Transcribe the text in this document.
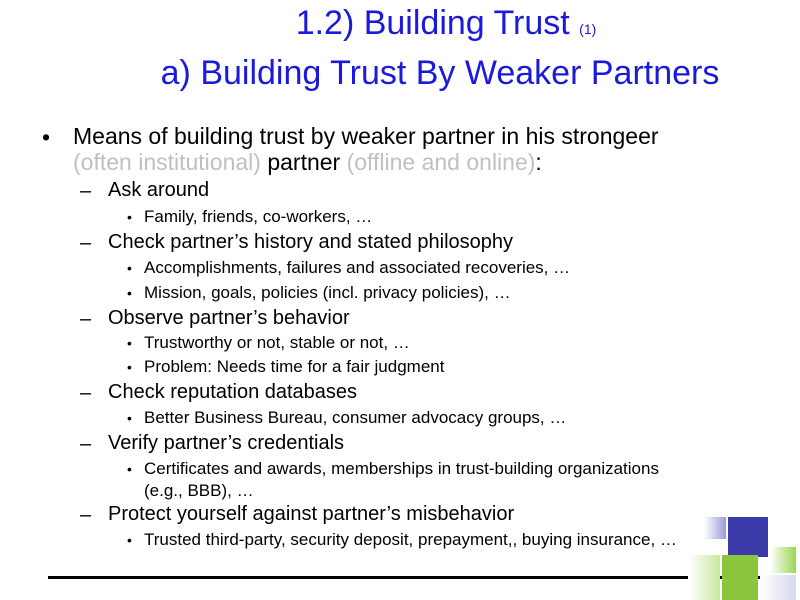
1.2) Building Trust (1)
a) Building Trust By Weaker Partners
• Means of building trust by weaker partner in his strongeer
(often institutional) partner (offline and online):
– Ask around
• Family, friends, co-workers, …
– Check partner’s history and stated philosophy
• Accomplishments, failures and associated recoveries, …
• Mission, goals, policies (incl. privacy policies), …
– Observe partner’s behavior
• Trustworthy or not, stable or not, …
• Problem: Needs time for a fair judgment
– Check reputation databases
• Better Business Bureau, consumer advocacy groups, …
– Verify partner’s credentials
• Certificates and awards, memberships in trust-building organizations
(e.g., BBB), …
– Protect yourself against partner’s misbehavior
• Trusted third-party, security deposit, prepayment,, buying insurance, …
